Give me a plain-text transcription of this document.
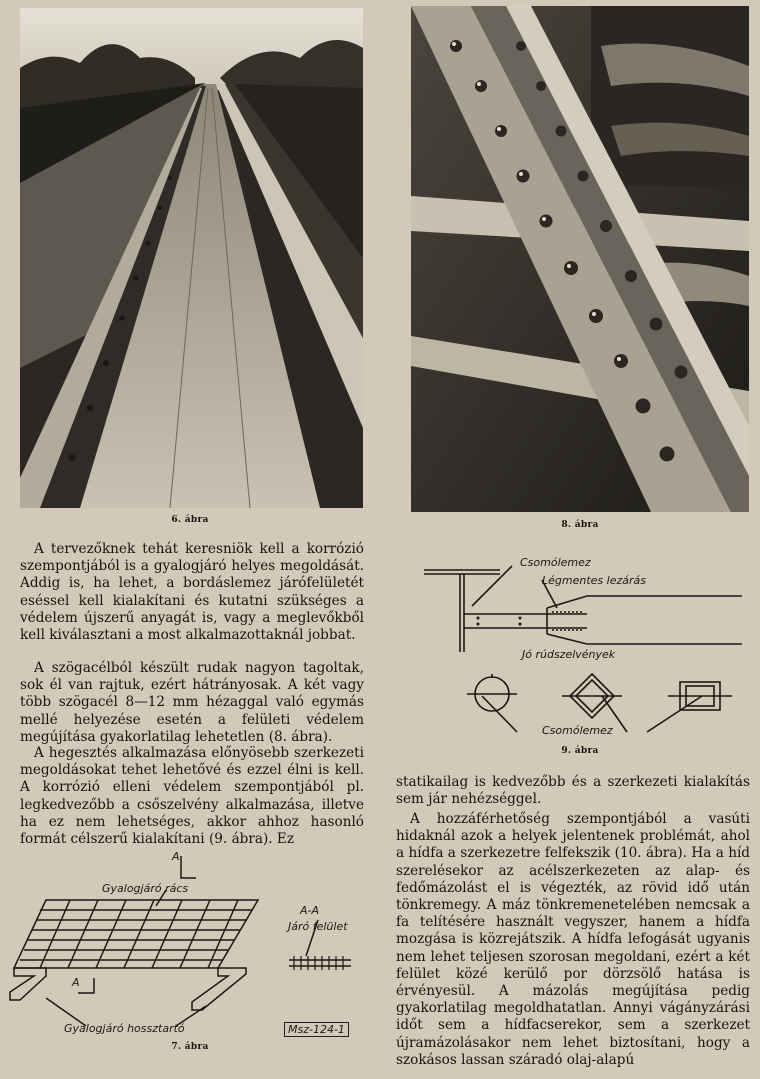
6. ábra	8. ábra

A tervezőknek tehát keresniök kell a korrózió szempontjából is a gyalogjáró helyes megoldását. Addig is, ha lehet, a bordáslemez járófelületét eséssel kell kialakítani és kutatni szükséges a védelem újszerű anyagát is, vagy a meglevőkből kell kiválasztani a most alkalmazottaknál jobbat.

A szögacélból készült rudak nagyon tagoltak, sok él van rajtuk, ezért hátrányosak. A két vagy több szögacél 8—12 mm hézaggal való egymás mellé helyezése esetén a felületi védelem megújítása gyakorlatilag lehetetlen (8. ábra).

A hegesztés alkalmazása előnyösebb szerkezeti megoldásokat tehet lehetővé és ezzel élni is kell. A korrózió elleni védelem szempontjából pl. legkedvezőbb a csőszelvény alkalmazása, illetve ha ez nem lehetséges, akkor ahhoz hasonló formát célszerű kialakítani (9. ábra). Ez

Csomólemez
Légmentes lezárás
Jó rúdszelvények
Csomólemez
9. ábra

statikailag is kedvezőbb és a szerkezeti kialakítás sem jár nehézséggel.

A hozzáférhetőség szempontjából a vasúti hidaknál azok a helyek jelentenek problémát, ahol a hídfa a szerkezetre felfekszik (10. ábra). Ha a híd szerelésekor az acélszerkezeten az alap- és fedőmázolást el is végezték, az rövid idő után tönkremegy. A máz tönkremenetelében nemcsak a fa telítésére használt vegyszer, hanem a hídfa mozgása is közrejátszik. A hídfa lefogását ugyanis nem lehet teljesen szorosan megoldani, ezért a két felület közé kerülő por dörzsölő hatása is érvényesül. A mázolás megújítása pedig gyakorlatilag megoldhatatlan. Annyi vágányzárási időt sem a hídfacserekor, sem a szerkezet újramázolásakor nem lehet biztosítani, hogy a szokásos lassan száradó olaj-alapú

A
Gyalogjáró rács
A-A
Járó felület
A
Gyalogjáró hossztartó	Msz-124-1
7. ábra
